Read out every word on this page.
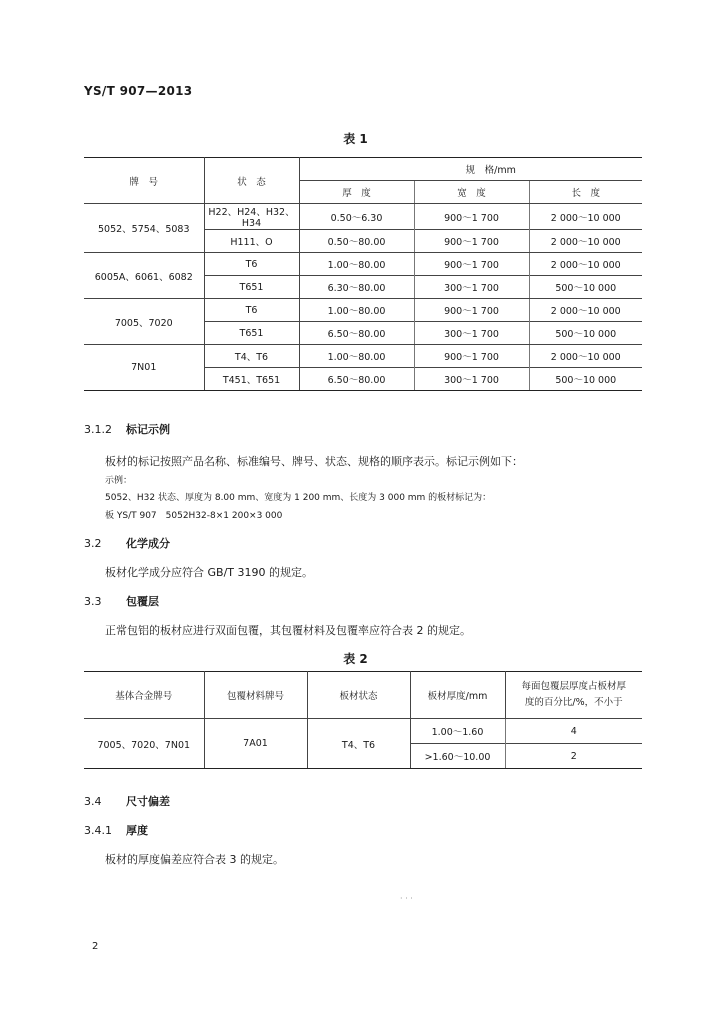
YS/T 907—2013
表 1
牌　号	状　态	规　格/mm		
		厚　度	宽　度	长　度
5052、5754、5083	H22、H24、H32、H34	0.50～6.30	900～1 700	2 000～10 000
	H111、O	0.50～80.00	900～1 700	2 000～10 000
6005A、6061、6082	T6	1.00～80.00	900～1 700	2 000～10 000
	T651	6.30～80.00	300～1 700	500～10 000
7005、7020	T6	1.00～80.00	900～1 700	2 000～10 000
	T651	6.50～80.00	300～1 700	500～10 000
7N01	T4、T6	1.00～80.00	900～1 700	2 000～10 000
	T451、T651	6.50～80.00	300～1 700	500～10 000
3.1.2 标记示例
板材的标记按照产品名称、标准编号、牌号、状态、规格的顺序表示。标记示例如下：
示例：
5052、H32 状态、厚度为 8.00 mm、宽度为 1 200 mm、长度为 3 000 mm 的板材标记为：
板 YS/T 907　5052H32-8×1 200×3 000
3.2 化学成分
板材化学成分应符合 GB/T 3190 的规定。
3.3 包覆层
正常包铝的板材应进行双面包覆，其包覆材料及包覆率应符合表 2 的规定。
表 2
基体合金牌号	包覆材料牌号	板材状态	板材厚度/mm	每面包覆层厚度占板材厚
度的百分比/%，不小于

7005、7020、7N01	7A01	T4、T6	1.00～1.60	4
			>1.60～10.00	2
3.4 尺寸偏差
3.4.1 厚度
板材的厚度偏差应符合表 3 的规定。
· · ·
2
